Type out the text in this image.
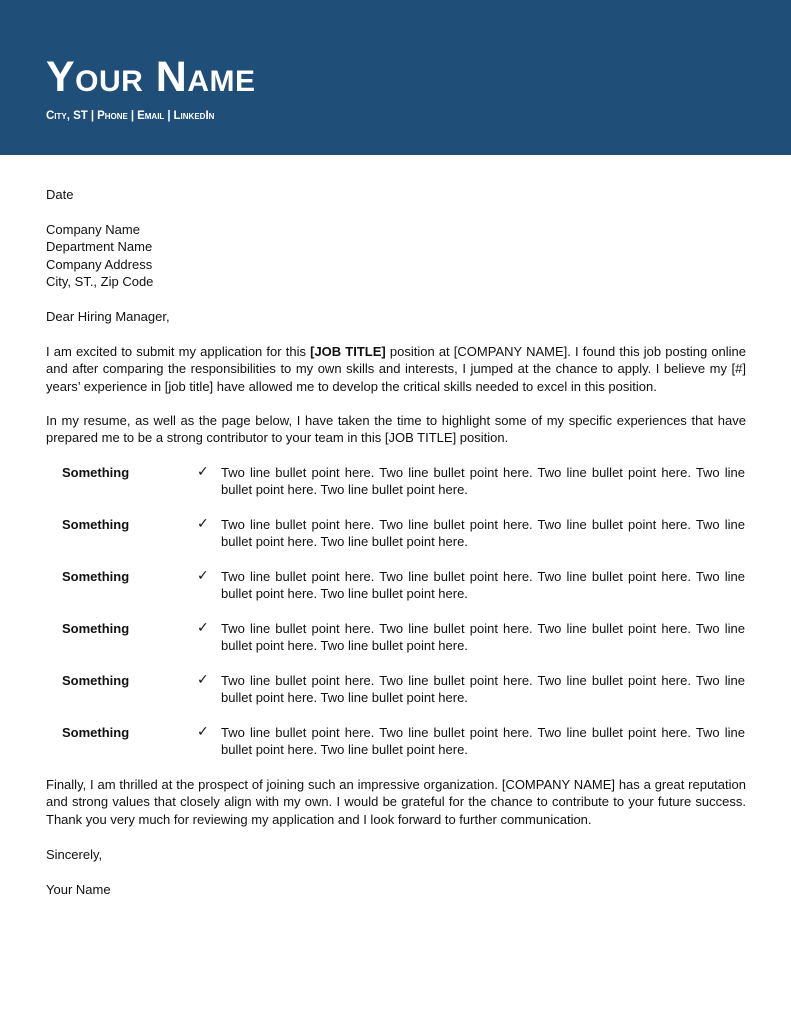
Your Name
City, ST | Phone | Email | LinkedIn
Date
Company Name
Department Name
Company Address
City, ST., Zip Code
Dear Hiring Manager,

I am excited to submit my application for this [JOB TITLE] position at [COMPANY NAME]. I found this job posting online and after comparing the responsibilities to my own skills and interests, I jumped at the chance to apply. I believe my [#] years’ experience in [job title] have allowed me to develop the critical skills needed to excel in this position.

In my resume, as well as the page below, I have taken the time to highlight some of my specific experiences that have prepared me to be a strong contributor to your team in this [JOB TITLE] position.

Something	✓ Two line bullet point here. Two line bullet point here. Two line bullet point here. Two line bullet point here. Two line bullet point here.

Something	✓ Two line bullet point here. Two line bullet point here. Two line bullet point here. Two line bullet point here. Two line bullet point here.

Something	✓ Two line bullet point here. Two line bullet point here. Two line bullet point here. Two line bullet point here. Two line bullet point here.

Something	✓ Two line bullet point here. Two line bullet point here. Two line bullet point here. Two line bullet point here. Two line bullet point here.

Something	✓ Two line bullet point here. Two line bullet point here. Two line bullet point here. Two line bullet point here. Two line bullet point here.

Something	✓ Two line bullet point here. Two line bullet point here. Two line bullet point here. Two line bullet point here. Two line bullet point here.

Finally, I am thrilled at the prospect of joining such an impressive organization. [COMPANY NAME] has a great reputation and strong values that closely align with my own. I would be grateful for the chance to contribute to your future success. Thank you very much for reviewing my application and I look forward to further communication.

Sincerely,
Your Name
